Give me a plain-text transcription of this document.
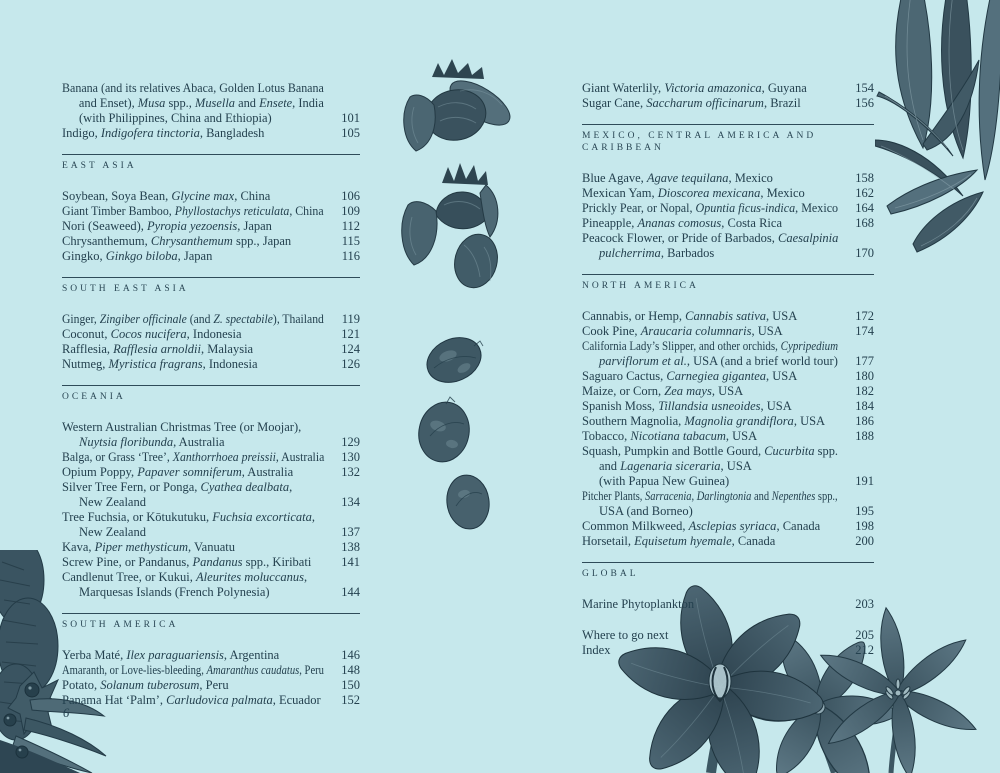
Banana (and its relatives Abaca, Golden Lotus Banana
and Enset), Musa spp., Musella and Ensete, India
(with Philippines, China and Ethiopia)	101
Indigo, Indigofera tinctoria, Bangladesh	105
EAST ASIA
Soybean, Soya Bean, Glycine max, China	106
Giant Timber Bamboo, Phyllostachys reticulata, China	109
Nori (Seaweed), Pyropia yezoensis, Japan	112
Chrysanthemum, Chrysanthemum spp., Japan	115
Gingko, Ginkgo biloba, Japan	116
SOUTH EAST ASIA
Ginger, Zingiber officinale (and Z. spectabile), Thailand	119
Coconut, Cocos nucifera, Indonesia	121
Rafflesia, Rafflesia arnoldii, Malaysia	124
Nutmeg, Myristica fragrans, Indonesia	126
OCEANIA
Western Australian Christmas Tree (or Moojar),
Nuytsia floribunda, Australia	129
Balga, or Grass ‘Tree’, Xanthorrhoea preissii, Australia	130
Opium Poppy, Papaver somniferum, Australia	132
Silver Tree Fern, or Ponga, Cyathea dealbata,
New Zealand	134
Tree Fuchsia, or Kōtukutuku, Fuchsia excorticata,
New Zealand	137
Kava, Piper methysticum, Vanuatu	138
Screw Pine, or Pandanus, Pandanus spp., Kiribati	141
Candlenut Tree, or Kukui, Aleurites moluccanus,
Marquesas Islands (French Polynesia)	144
SOUTH AMERICA
Yerba Maté, Ilex paraguariensis, Argentina	146
Amaranth, or Love-lies-bleeding, Amaranthus caudatus, Peru	148
Potato, Solanum tuberosum, Peru	150
Panama Hat ‘Palm’, Carludovica palmata, Ecuador	152
Giant Waterlily, Victoria amazonica, Guyana	154
Sugar Cane, Saccharum officinarum, Brazil	156
MEXICO, CENTRAL AMERICA AND CARIBBEAN
Blue Agave, Agave tequilana, Mexico	158
Mexican Yam, Dioscorea mexicana, Mexico	162
Prickly Pear, or Nopal, Opuntia ficus-indica, Mexico	164
Pineapple, Ananas comosus, Costa Rica	168
Peacock Flower, or Pride of Barbados, Caesalpinia
pulcherrima, Barbados	170
NORTH AMERICA
Cannabis, or Hemp, Cannabis sativa, USA	172
Cook Pine, Araucaria columnaris, USA	174
California Lady’s Slipper, and other orchids, Cypripedium
parviflorum et al., USA (and a brief world tour)	177
Saguaro Cactus, Carnegiea gigantea, USA	180
Maize, or Corn, Zea mays, USA	182
Spanish Moss, Tillandsia usneoides, USA	184
Southern Magnolia, Magnolia grandiflora, USA	186
Tobacco, Nicotiana tabacum, USA	188
Squash, Pumpkin and Bottle Gourd, Cucurbita spp.
and Lagenaria siceraria, USA
(with Papua New Guinea)	191
Pitcher Plants, Sarracenia, Darlingtonia and Nepenthes spp.,
USA (and Borneo)	195
Common Milkweed, Asclepias syriaca, Canada	198
Horsetail, Equisetum hyemale, Canada	200
GLOBAL
Marine Phytoplankton	203
Where to go next	205
Index	212
6
